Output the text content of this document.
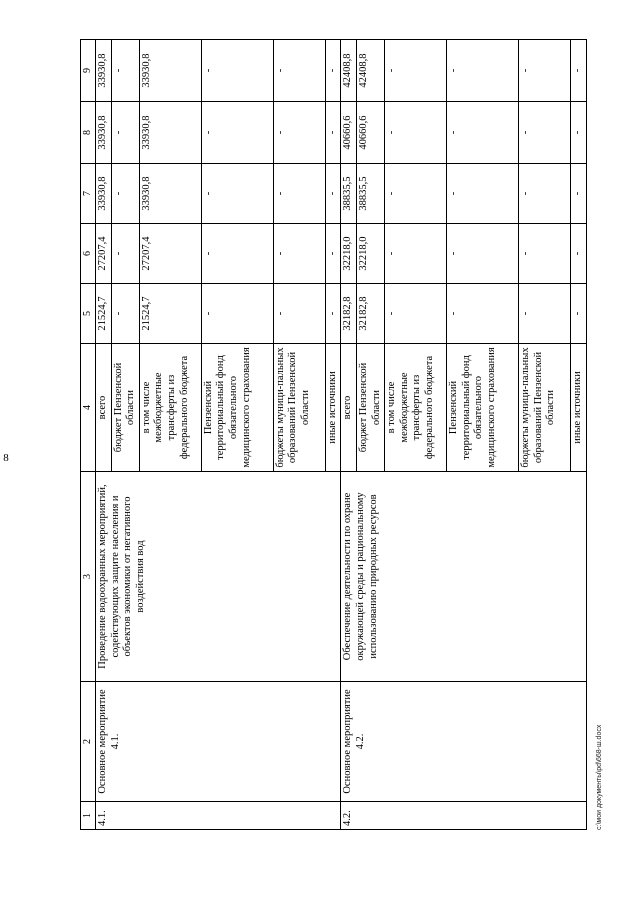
8
1	2	3	4	5	6	7	8	9
4.1.	Основное мероприятие 4.1.	Проведение водоохранных мероприятий, содействующих защите населения и объектов экономики от негативного воздействия вод	всего	21524,7	27207,4	33930,8	33930,8	33930,8
			бюджет Пензенской области	-	-	-	-	-
			в том числе межбюджетные трансферты из федерального бюджета	21524,7	27207,4	33930,8	33930,8	33930,8
			Пензенский территориальный фонд обязательного медицинского страхования	-	-	-	-	-
			бюджеты муници-пальных образований Пензенской области	-	-	-	-	-
			иные источники	-	-	-	-	-
4.2.	Основное мероприятие 4.2.	Обеспечение деятельности по охране окружающей среды и рациональному использованию природных ресурсов	всего	32182,8	32218,0	38835,5	40660,6	42408,8
			бюджет Пензенской области	32182,8	32218,0	38835,5	40660,6	42408,8
			в том числе межбюджетные трансферты из федерального бюджета	-	-	-	-	-
			Пензенский территориальный фонд обязательного медицинского страхования	-	-	-	-	-
			бюджеты муници-пальных образований Пензенской области	-	-	-	-	-
			иные источники	-	-	-	-	-
c:\мои документы\pd\668-ш.docx
